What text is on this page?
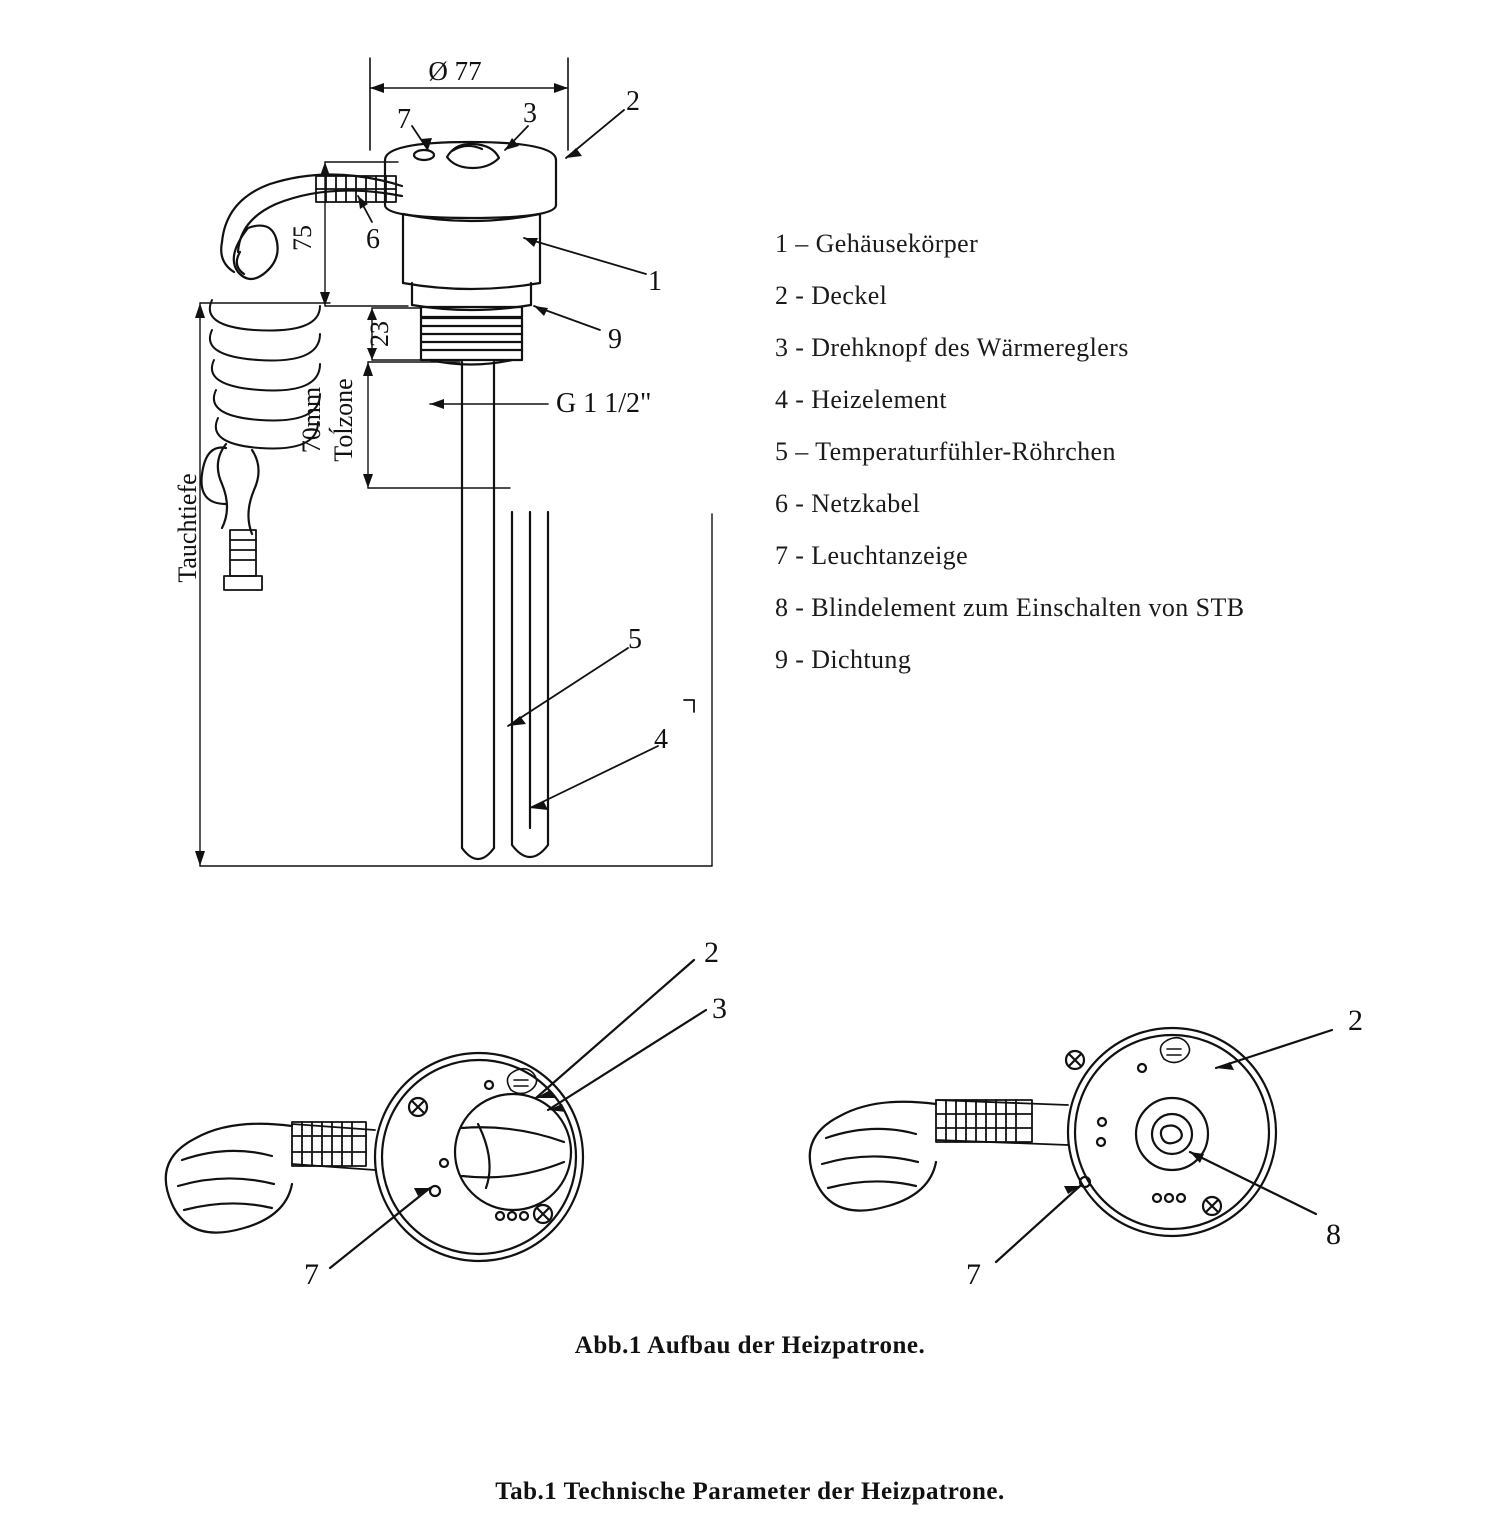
Ø 77
75
23
70mm Toĺzone
Tauchtiefe
G 1 1/2"
7	3	2
6
1
9
5
4
2
3
7
2
8
7
1 – Gehäusekörper
2 - Deckel
3 - Drehknopf des Wärmereglers
4 - Heizelement
5 – Temperaturfühler-Röhrchen
6 - Netzkabel
7 - Leuchtanzeige
8 - Blindelement zum Einschalten von STB
9 - Dichtung
Abb.1 Aufbau der Heizpatrone.
Tab.1 Technische Parameter der Heizpatrone.
